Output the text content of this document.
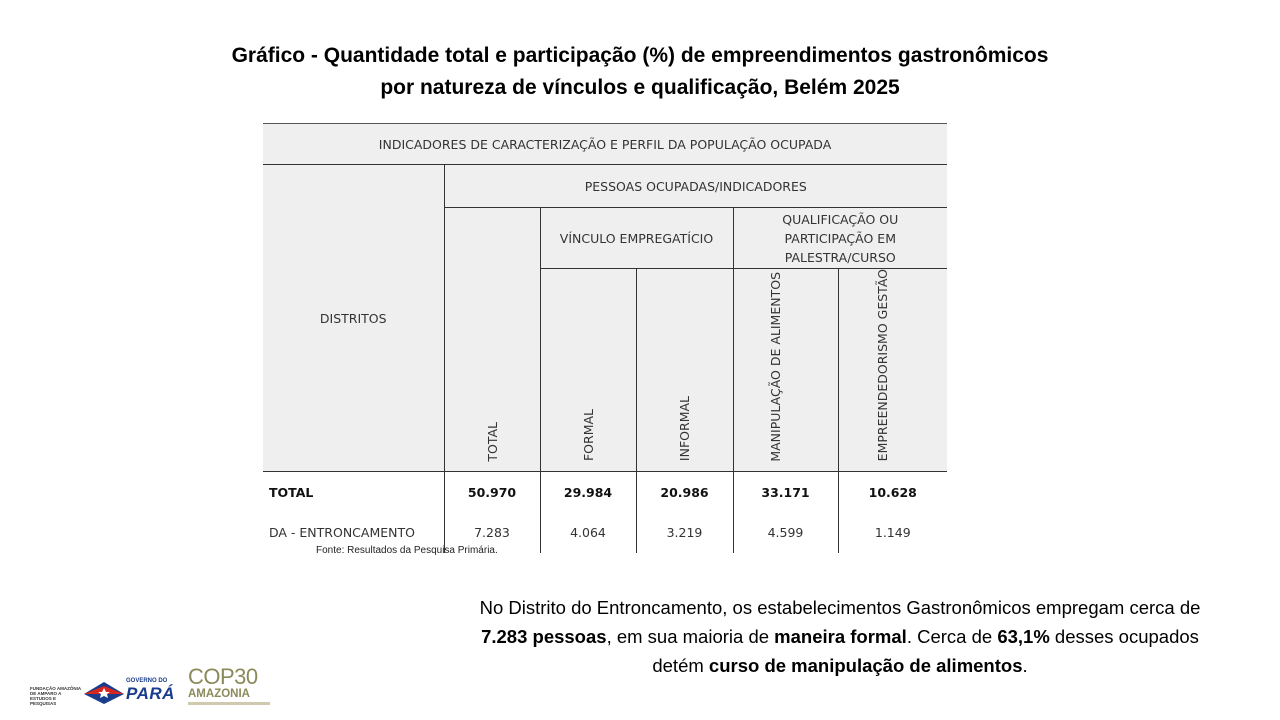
Gráfico - Quantidade total e participação (%) de empreendimentos gastronômicos
por natureza de vínculos e qualificação, Belém 2025
INDICADORES DE CARACTERIZAÇÃO E PERFIL DA POPULAÇÃO OCUPADA					
DISTRITOS	PESSOAS OCUPADAS/INDICADORES				

	TOTAL	VÍNCULO EMPREGATÍCIO		QUALIFICAÇÃO OU PARTICIPAÇÃO EM PALESTRA/CURSO	

		FORMAL	INFORMAL	MANIPULAÇÃO DE ALIMENTOS	EMPREENDEDORISMO GESTÃO

TOTAL	50.970	29.984	20.986	33.171	10.628
DA - ENTRONCAMENTO	7.283	4.064	3.219	4.599	1.149
Fonte: Resultados da Pesquisa Primária.
No Distrito do Entroncamento, os estabelecimentos Gastronômicos empregam cerca de 7.283 pessoas, em sua maioria de maneira formal. Cerca de 63,1% desses ocupados detém curso de manipulação de alimentos.
FUNDAÇÃO AMAZÔNIA DE AMPARO A ESTUDOS E PESQUISAS
GOVERNO DO
PARÁ
COP30
AMAZONIA
